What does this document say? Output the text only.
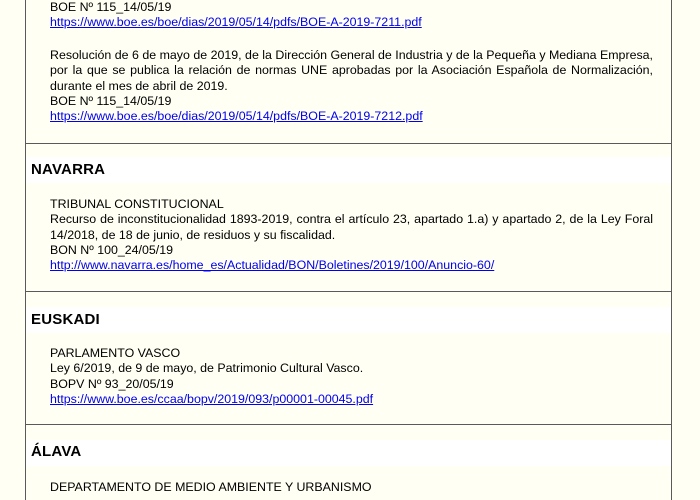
BOE Nº 115_14/05/19
https://www.boe.es/boe/dias/2019/05/14/pdfs/BOE-A-2019-7211.pdf
Resolución de 6 de mayo de 2019, de la Dirección General de Industria y de la Pequeña y Mediana Empresa, por la que se publica la relación de normas UNE aprobadas por la Asociación Española de Normalización, durante el mes de abril de 2019.
BOE Nº 115_14/05/19
https://www.boe.es/boe/dias/2019/05/14/pdfs/BOE-A-2019-7212.pdf
NAVARRA
TRIBUNAL CONSTITUCIONAL
Recurso de inconstitucionalidad 1893-2019, contra el artículo 23, apartado 1.a) y apartado 2, de la Ley Foral 14/2018, de 18 de junio, de residuos y su fiscalidad.
BON Nº 100_24/05/19
http://www.navarra.es/home_es/Actualidad/BON/Boletines/2019/100/Anuncio-60/
EUSKADI
PARLAMENTO VASCO
Ley 6/2019, de 9 de mayo, de Patrimonio Cultural Vasco.
BOPV Nº 93_20/05/19
https://www.boe.es/ccaa/bopv/2019/093/p00001-00045.pdf
ÁLAVA
DEPARTAMENTO DE MEDIO AMBIENTE Y URBANISMO
